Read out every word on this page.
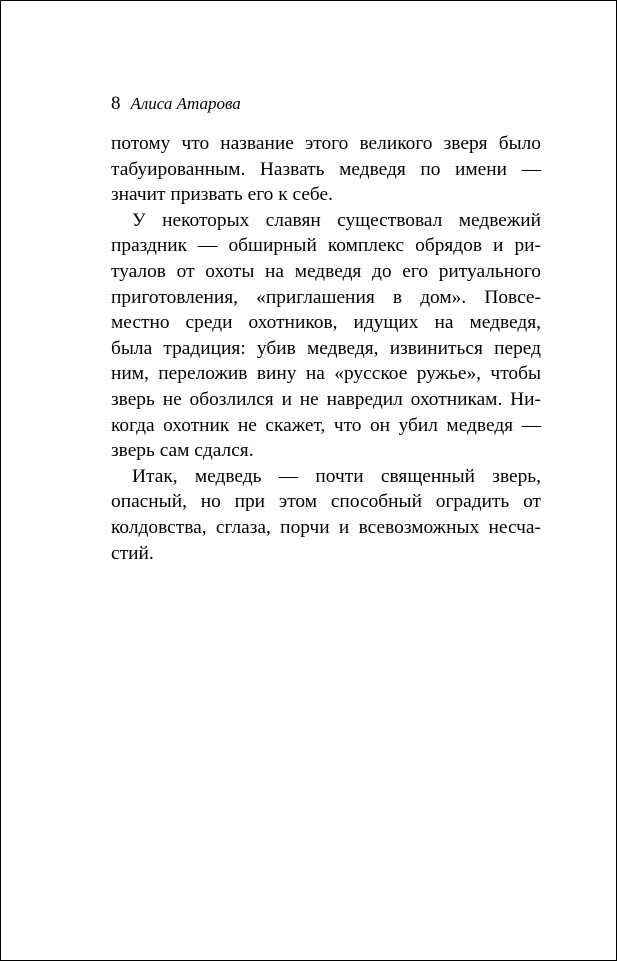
8 Алиса Атарова
потому что название этого великого зверя было
табуированным. Назвать медведя по имени —
значит призвать его к себе.
У некоторых славян существовал медвежий
праздник — обширный комплекс обрядов и ри-
туалов от охоты на медведя до его ритуального
приготовления, «приглашения в дом». Повсе-
местно среди охотников, идущих на медведя,
была традиция: убив медведя, извиниться перед
ним, переложив вину на «русское ружье», чтобы
зверь не обозлился и не навредил охотникам. Ни-
когда охотник не скажет, что он убил медведя —
зверь сам сдался.
Итак, медведь — почти священный зверь,
опасный, но при этом способный оградить от
колдовства, сглаза, порчи и всевозможных несча-
стий.
